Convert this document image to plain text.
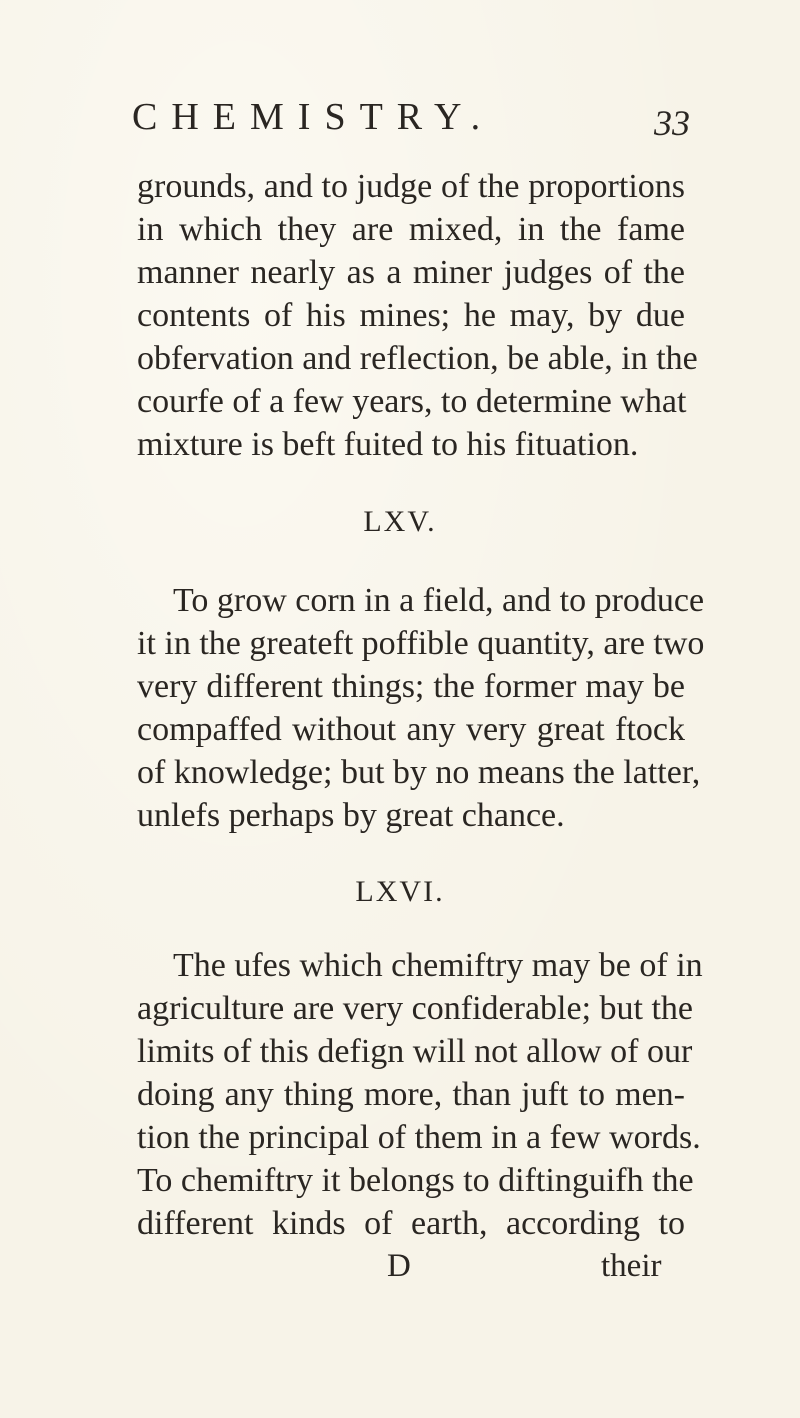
CHEMISTRY.	33
grounds, and to judge of the proportions
in which they are mixed, in the fame
manner nearly as a miner judges of the
contents of his mines; he may, by due
obfervation and reflection, be able, in the
courfe of a few years, to determine what
mixture is beft fuited to his fituation.
LXV.
To grow corn in a field, and to produce
it in the greateft poffible quantity, are two
very different things; the former may be
compaffed without any very great ftock
of knowledge; but by no means the latter,
unlefs perhaps by great chance.
LXVI.
The ufes which chemiftry may be of in
agriculture are very confiderable; but the
limits of this defign will not allow of our
doing any thing more, than juft to men-
tion the principal of them in a few words.
To chemiftry it belongs to diftinguifh the
different kinds of earth, according to
D	their
